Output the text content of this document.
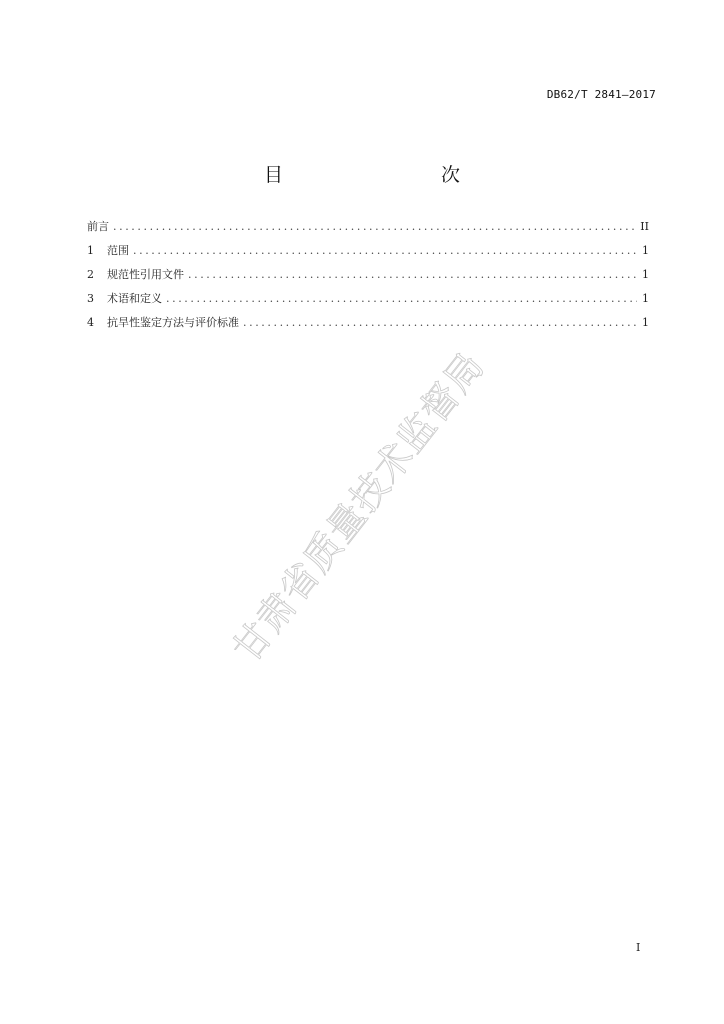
DB62/T 2841—2017
目　　次
前言 .....	II
1	范围 .....	1
2	规范性引用文件 .....	1
3	术语和定义 .....	1
4	抗旱性鉴定方法与评价标准 .....	1
甘肃省质量技术监督局
I
